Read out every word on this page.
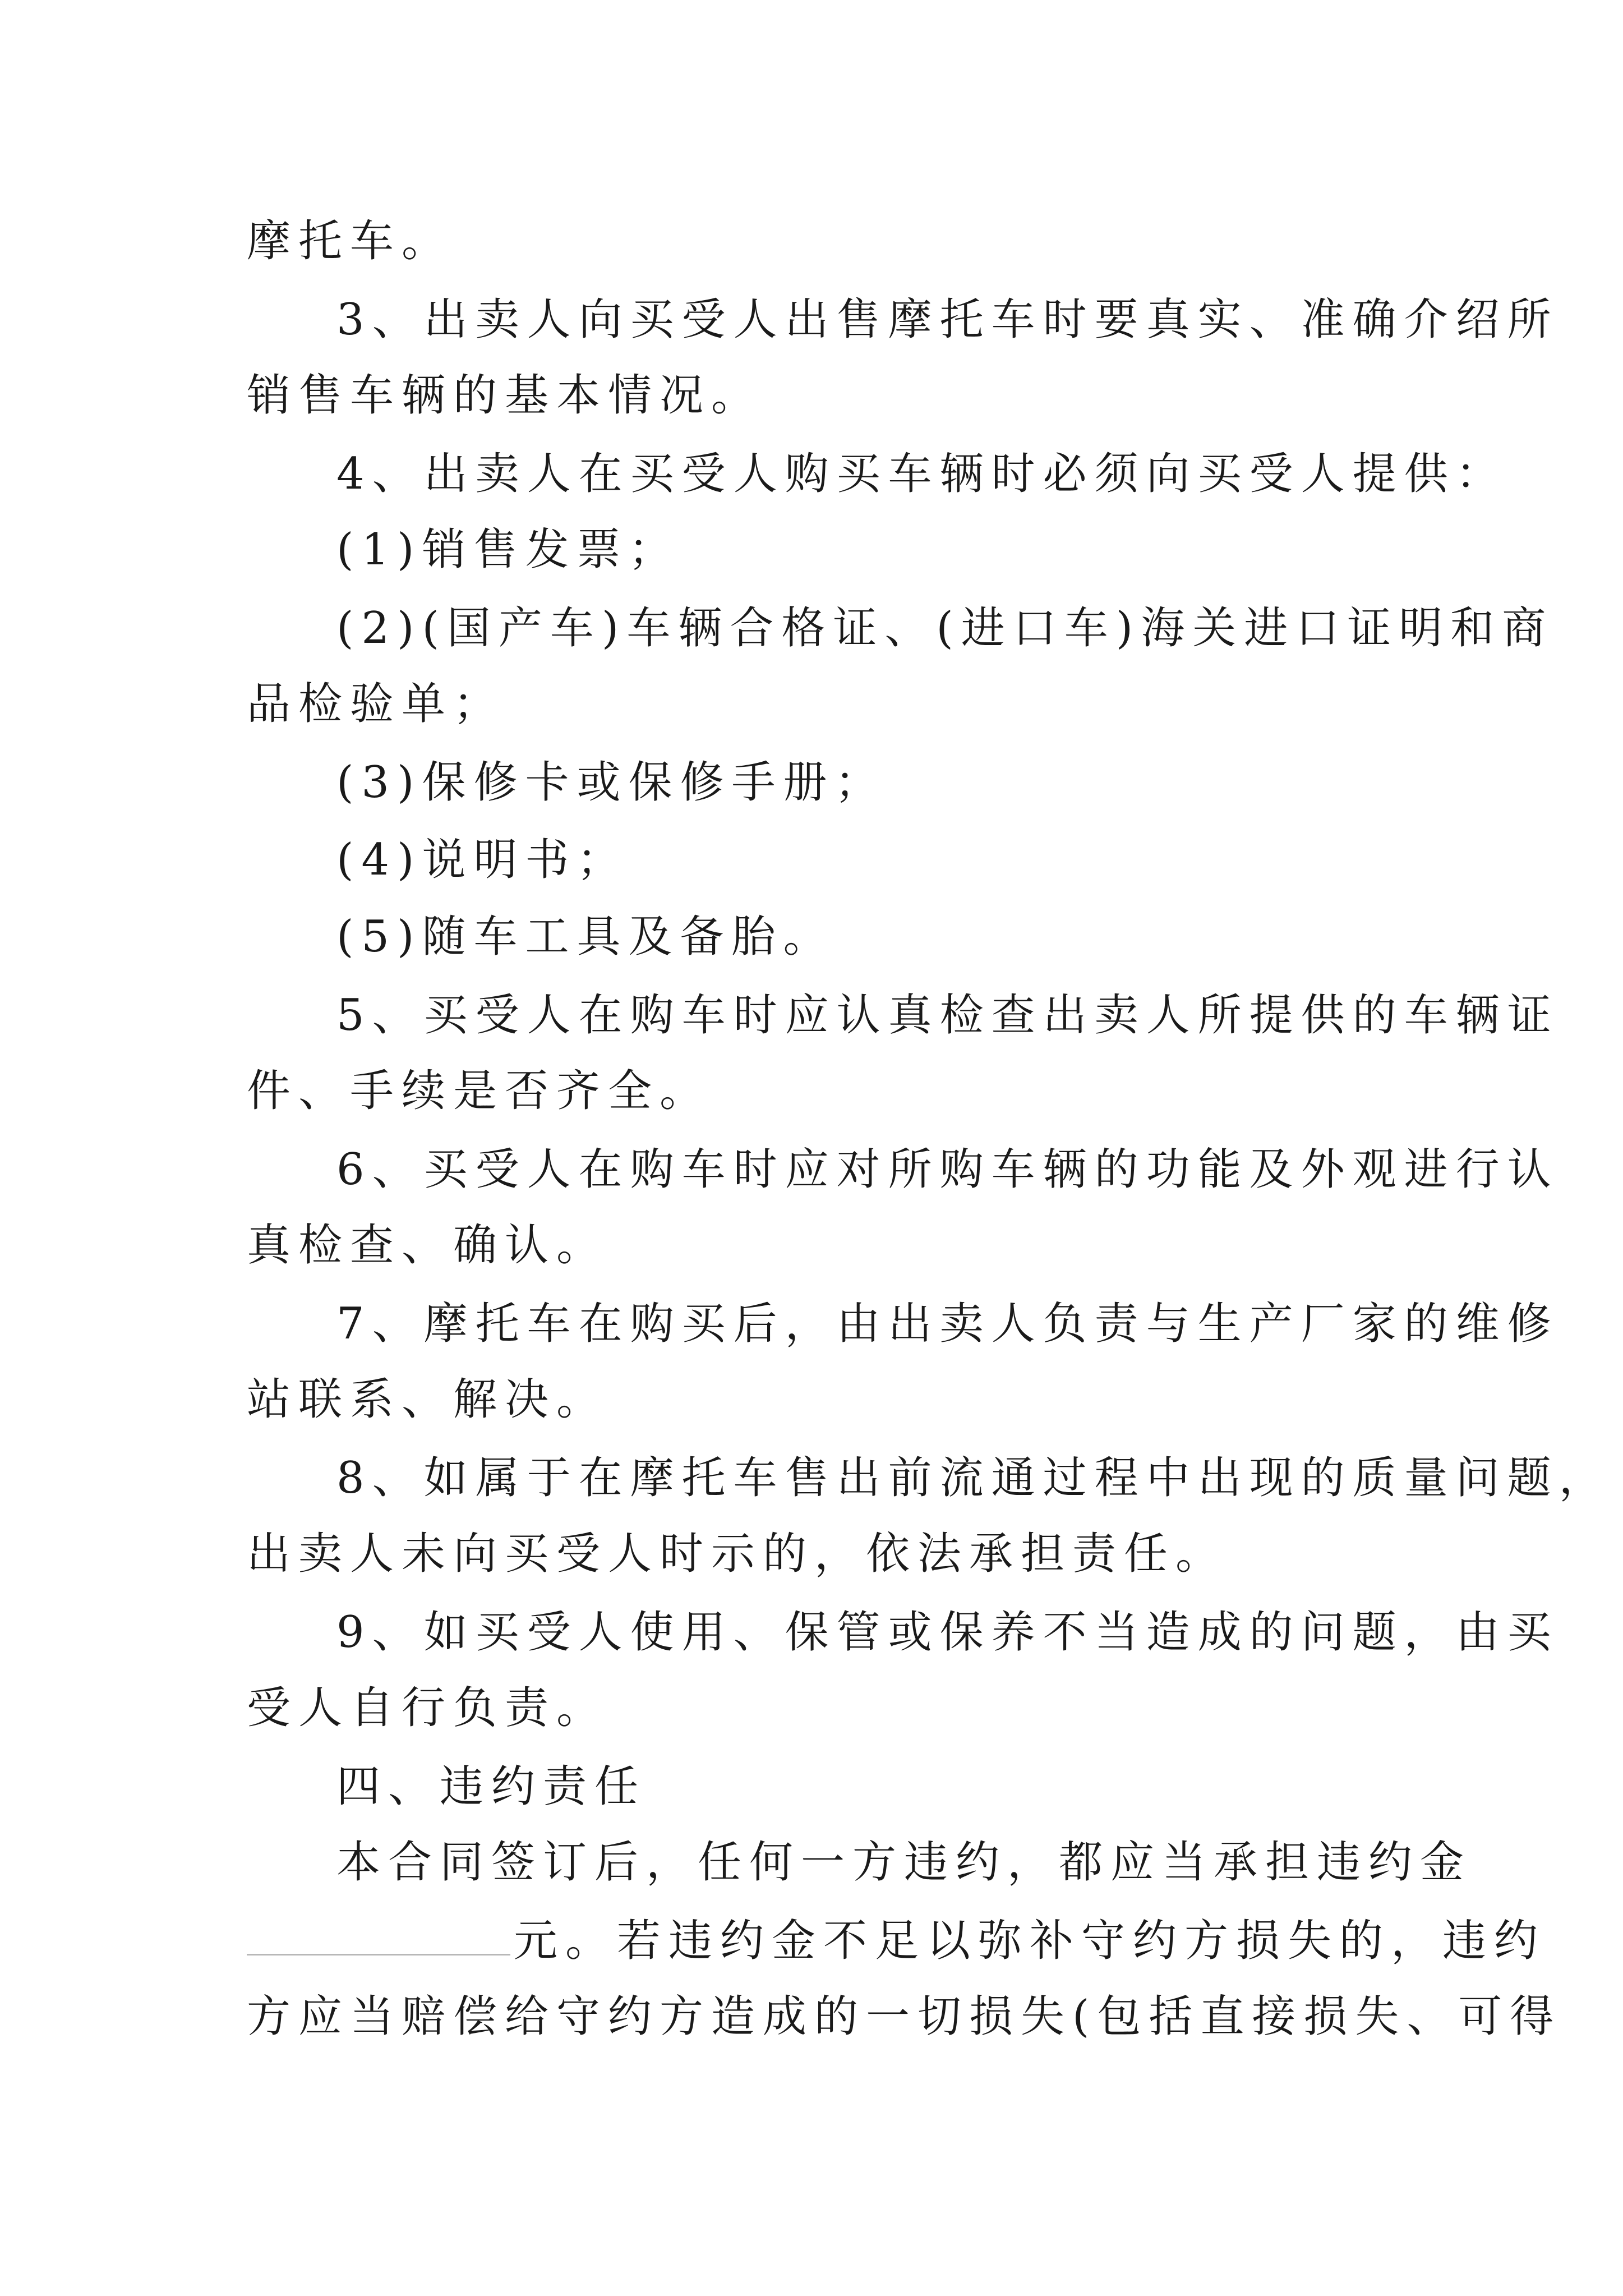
摩托车。
3、出卖人向买受人出售摩托车时要真实、准确介绍所
销售车辆的基本情况。
4、出卖人在买受人购买车辆时必须向买受人提供：
(1)销售发票；
(2)(国产车)车辆合格证、(进口车)海关进口证明和商
品检验单；
(3)保修卡或保修手册；
(4)说明书；
(5)随车工具及备胎。
5、买受人在购车时应认真检查出卖人所提供的车辆证
件、手续是否齐全。
6、买受人在购车时应对所购车辆的功能及外观进行认
真检查、确认。
7、摩托车在购买后，由出卖人负责与生产厂家的维修
站联系、解决。
8、如属于在摩托车售出前流通过程中出现的质量问题，
出卖人未向买受人时示的，依法承担责任。
9、如买受人使用、保管或保养不当造成的问题，由买
受人自行负责。
四、违约责任
本合同签订后，任何一方违约，都应当承担违约金
元。若违约金不足以弥补守约方损失的，违约
方应当赔偿给守约方造成的一切损失(包括直接损失、可得
